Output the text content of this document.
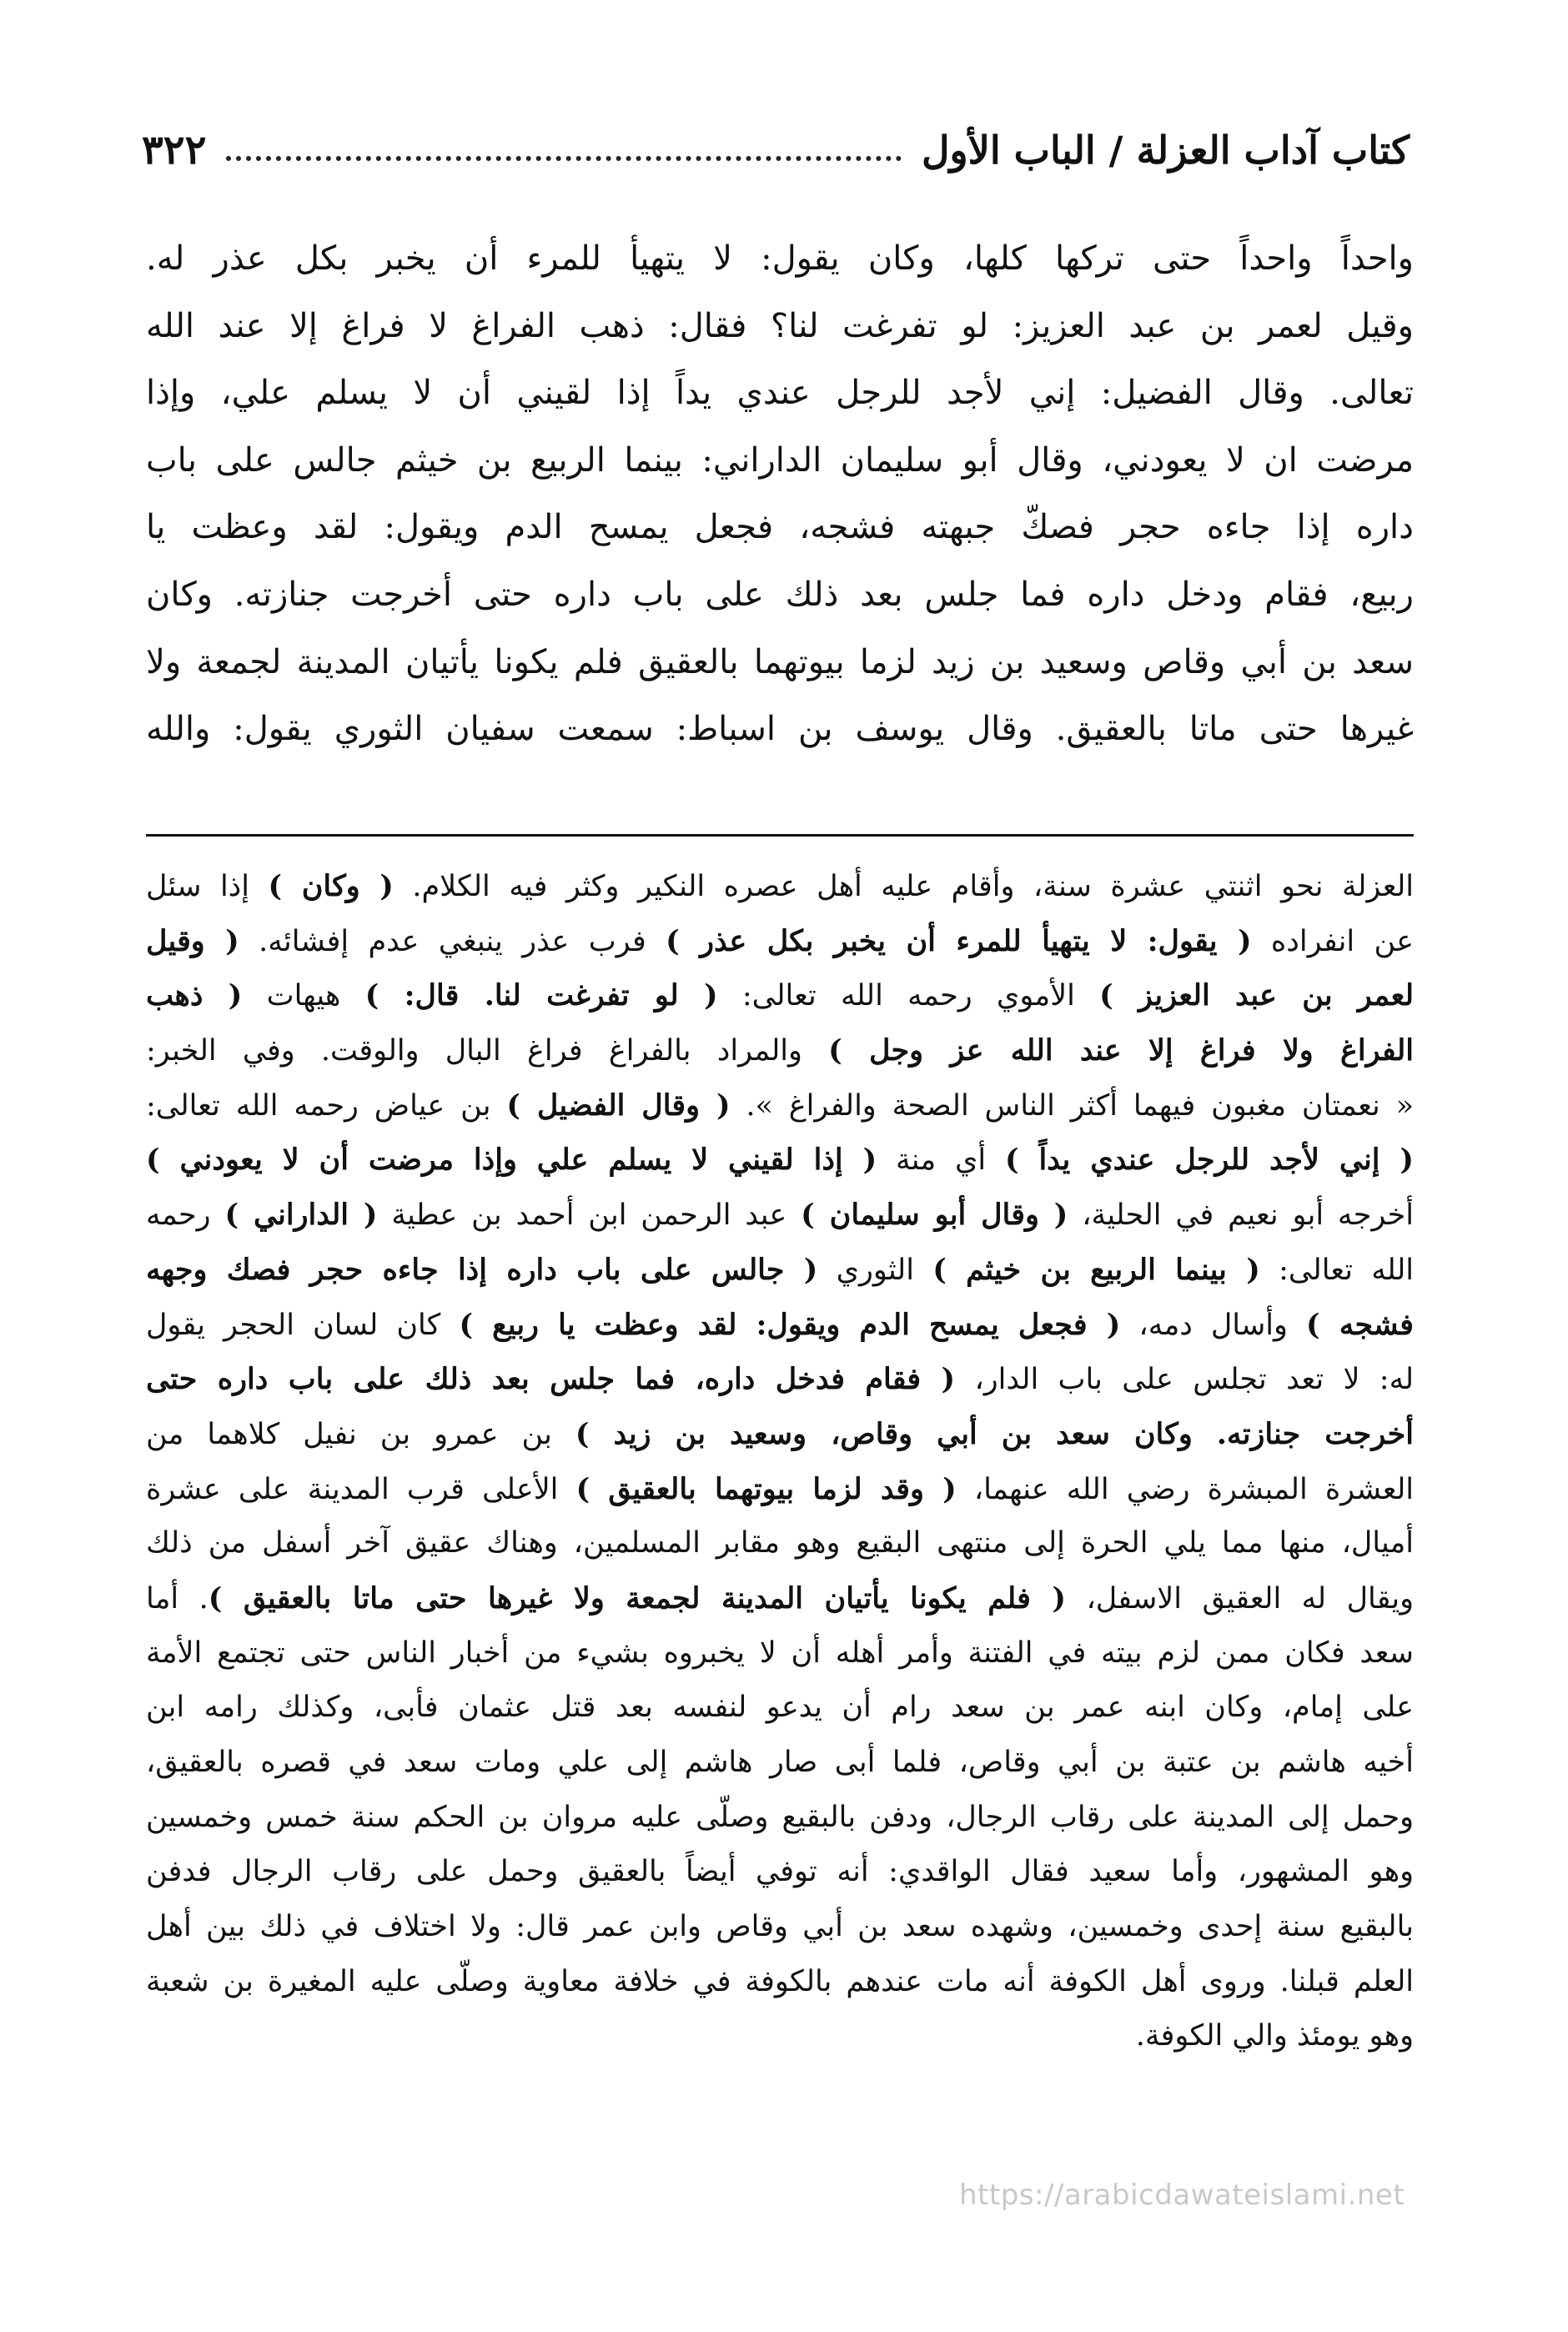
كتاب آداب العزلة / الباب الأول
٣٢٢
واحداً واحداً حتى تركها كلها، وكان يقول: لا يتهيأ للمرء أن يخبر بكل عذر له.
وقيل لعمر بن عبد العزيز: لو تفرغت لنا؟ فقال: ذهب الفراغ لا فراغ إلا عند الله
تعالى. وقال الفضيل: إني لأجد للرجل عندي يداً إذا لقيني أن لا يسلم علي، وإذا
مرضت ان لا يعودني، وقال أبو سليمان الداراني: بينما الربيع بن خيثم جالس على باب
داره إذا جاءه حجر فصكّ جبهته فشجه، فجعل يمسح الدم ويقول: لقد وعظت يا
ربيع، فقام ودخل داره فما جلس بعد ذلك على باب داره حتى أخرجت جنازته. وكان
سعد بن أبي وقاص وسعيد بن زيد لزما بيوتهما بالعقيق فلم يكونا يأتيان المدينة لجمعة ولا
غيرها حتى ماتا بالعقيق. وقال يوسف بن اسباط: سمعت سفيان الثوري يقول: والله
العزلة نحو اثنتي عشرة سنة، وأقام عليه أهل عصره النكير وكثر فيه الكلام. ( وكان ) إذا سئل
عن انفراده ( يقول: لا يتهيأ للمرء أن يخبر بكل عذر ) فرب عذر ينبغي عدم إفشائه. ( وقيل
لعمر بن عبد العزيز ) الأموي رحمه الله تعالى: ( لو تفرغت لنا. قال: ) هيهات ( ذهب
الفراغ ولا فراغ إلا عند الله عز وجل ) والمراد بالفراغ فراغ البال والوقت. وفي الخبر:
« نعمتان مغبون فيهما أكثر الناس الصحة والفراغ ». ( وقال الفضيل ) بن عياض رحمه الله تعالى:
( إني لأجد للرجل عندي يداً ) أي منة ( إذا لقيني لا يسلم علي وإذا مرضت أن لا يعودني )
أخرجه أبو نعيم في الحلية، ( وقال أبو سليمان ) عبد الرحمن ابن أحمد بن عطية ( الداراني ) رحمه
الله تعالى: ( بينما الربيع بن خيثم ) الثوري ( جالس على باب داره إذا جاءه حجر فصك وجهه
فشجه ) وأسال دمه، ( فجعل يمسح الدم ويقول: لقد وعظت يا ربيع ) كان لسان الحجر يقول
له: لا تعد تجلس على باب الدار، ( فقام فدخل داره، فما جلس بعد ذلك على باب داره حتى
أخرجت جنازته. وكان سعد بن أبي وقاص، وسعيد بن زيد ) بن عمرو بن نفيل كلاهما من
العشرة المبشرة رضي الله عنهما، ( وقد لزما بيوتهما بالعقيق ) الأعلى قرب المدينة على عشرة
أميال، منها مما يلي الحرة إلى منتهى البقيع وهو مقابر المسلمين، وهناك عقيق آخر أسفل من ذلك
ويقال له العقيق الاسفل، ( فلم يكونا يأتيان المدينة لجمعة ولا غيرها حتى ماتا بالعقيق ). أما
سعد فكان ممن لزم بيته في الفتنة وأمر أهله أن لا يخبروه بشيء من أخبار الناس حتى تجتمع الأمة
على إمام، وكان ابنه عمر بن سعد رام أن يدعو لنفسه بعد قتل عثمان فأبى، وكذلك رامه ابن
أخيه هاشم بن عتبة بن أبي وقاص، فلما أبى صار هاشم إلى علي ومات سعد في قصره بالعقيق،
وحمل إلى المدينة على رقاب الرجال، ودفن بالبقيع وصلّى عليه مروان بن الحكم سنة خمس وخمسين
وهو المشهور، وأما سعيد فقال الواقدي: أنه توفي أيضاً بالعقيق وحمل على رقاب الرجال فدفن
بالبقيع سنة إحدى وخمسين، وشهده سعد بن أبي وقاص وابن عمر قال: ولا اختلاف في ذلك بين أهل
العلم قبلنا. وروى أهل الكوفة أنه مات عندهم بالكوفة في خلافة معاوية وصلّى عليه المغيرة بن شعبة
وهو يومئذ والي الكوفة.
https://arabicdawateislami.net
